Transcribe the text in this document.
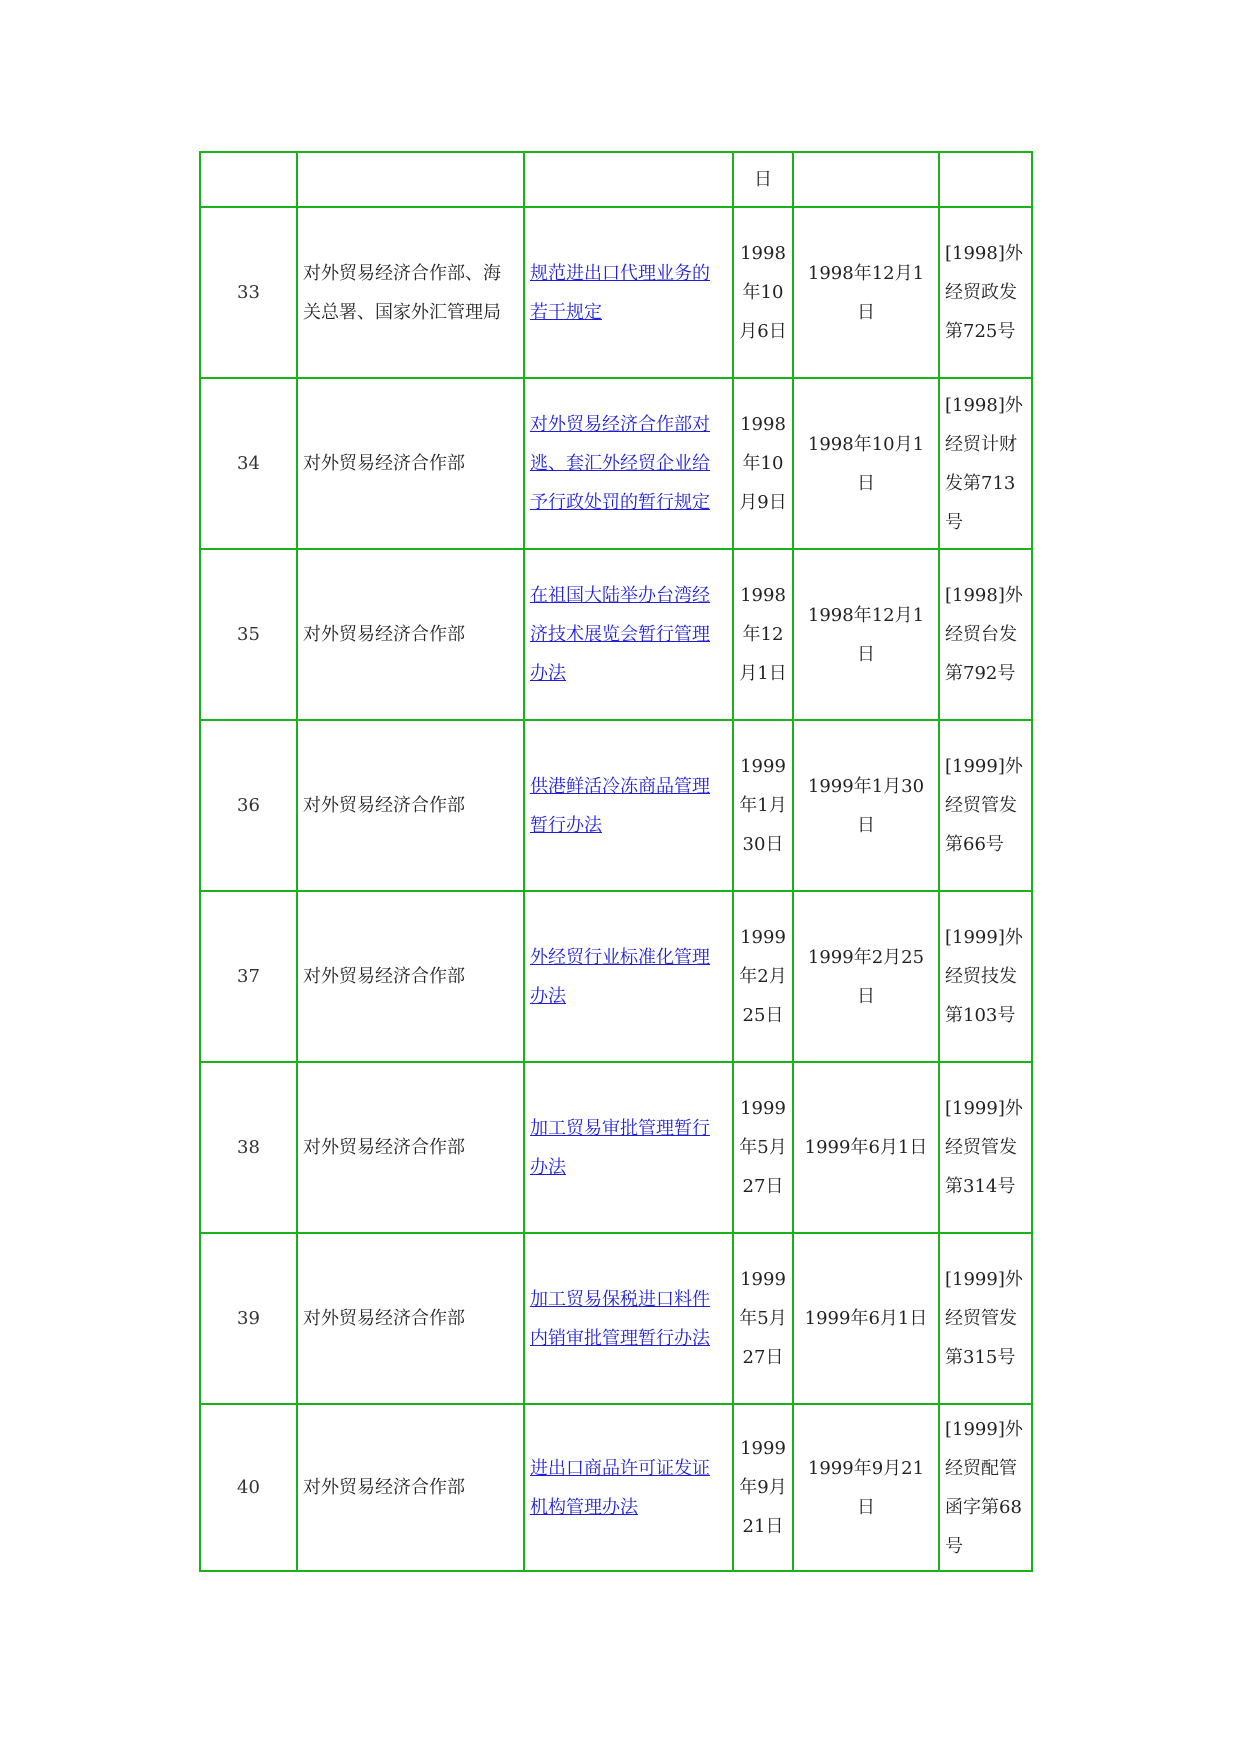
			日		
33	对外贸易经济合作部、海关总署、国家外汇管理局	规范进出口代理业务的若干规定	1998年10月6日	1998年12月1日	[1998]外经贸政发第725号
34	对外贸易经济合作部	对外贸易经济合作部对逃、套汇外经贸企业给予行政处罚的暂行规定	1998年10月9日	1998年10月1日	[1998]外经贸计财发第713号
35	对外贸易经济合作部	在祖国大陆举办台湾经济技术展览会暂行管理办法	1998年12月1日	1998年12月1日	[1998]外经贸台发第792号
36	对外贸易经济合作部	供港鲜活冷冻商品管理暂行办法	1999年1月30日	1999年1月30日	[1999]外经贸管发第66号
37	对外贸易经济合作部	外经贸行业标准化管理办法	1999年2月25日	1999年2月25日	[1999]外经贸技发第103号
38	对外贸易经济合作部	加工贸易审批管理暂行办法	1999年5月27日	1999年6月1日	[1999]外经贸管发第314号
39	对外贸易经济合作部	加工贸易保税进口料件内销审批管理暂行办法	1999年5月27日	1999年6月1日	[1999]外经贸管发第315号
40	对外贸易经济合作部	进出口商品许可证发证机构管理办法	1999年9月21日	1999年9月21日	[1999]外经贸配管函字第68号
